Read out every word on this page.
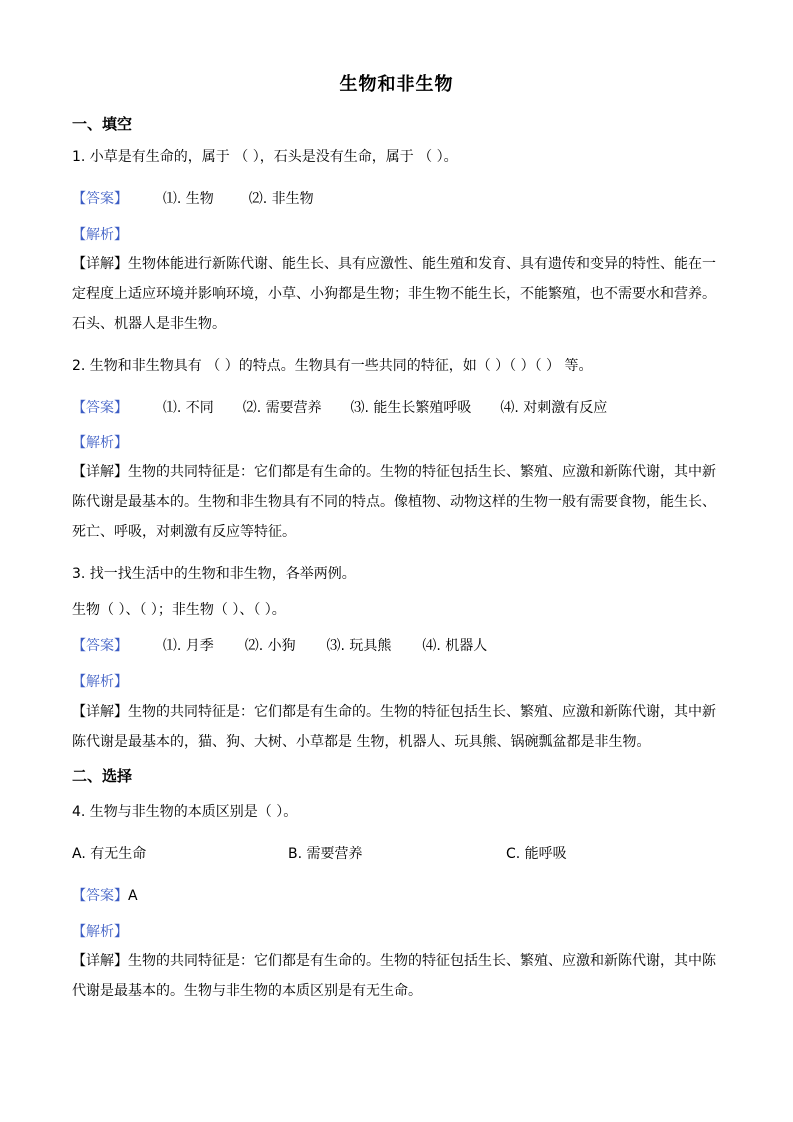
生物和非生物
一、填空
1. 小草是有生命的，属于 （ ），石头是没有生命，属于 （ ）。
【答案】 ⑴. 生物 ⑵. 非生物
【解析】
【详解】生物体能进行新陈代谢、能生长、具有应激性、能生殖和发育、具有遗传和变异的特性、能在一
定程度上适应环境并影响环境，小草、小狗都是生物；非生物不能生长，不能繁殖，也不需要水和营养。
石头、机器人是非生物。
2. 生物和非生物具有 （ ）的特点。生物具有一些共同的特征，如（ ）（ ）（ ） 等。
【答案】 ⑴. 不同 ⑵. 需要营养 ⑶. 能生长繁殖呼吸 ⑷. 对刺激有反应
【解析】
【详解】生物的共同特征是：它们都是有生命的。生物的特征包括生长、繁殖、应激和新陈代谢，其中新
陈代谢是最基本的。生物和非生物具有不同的特点。像植物、动物这样的生物一般有需要食物，能生长、
死亡、呼吸，对刺激有反应等特征。
3. 找一找生活中的生物和非生物，各举两例。
生物（ ）、（ ）；非生物（ ）、（ ）。
【答案】 ⑴. 月季 ⑵. 小狗 ⑶. 玩具熊 ⑷. 机器人
【解析】
【详解】生物的共同特征是：它们都是有生命的。生物的特征包括生长、繁殖、应激和新陈代谢，其中新
陈代谢是最基本的，猫、狗、大树、小草都是 生物，机器人、玩具熊、锅碗瓢盆都是非生物。
二、选择
4. 生物与非生物的本质区别是（ ）。
A. 有无生命	B. 需要营养	C. 能呼吸
【答案】A
【解析】
【详解】生物的共同特征是：它们都是有生命的。生物的特征包括生长、繁殖、应激和新陈代谢，其中陈
代谢是最基本的。生物与非生物的本质区别是有无生命。
